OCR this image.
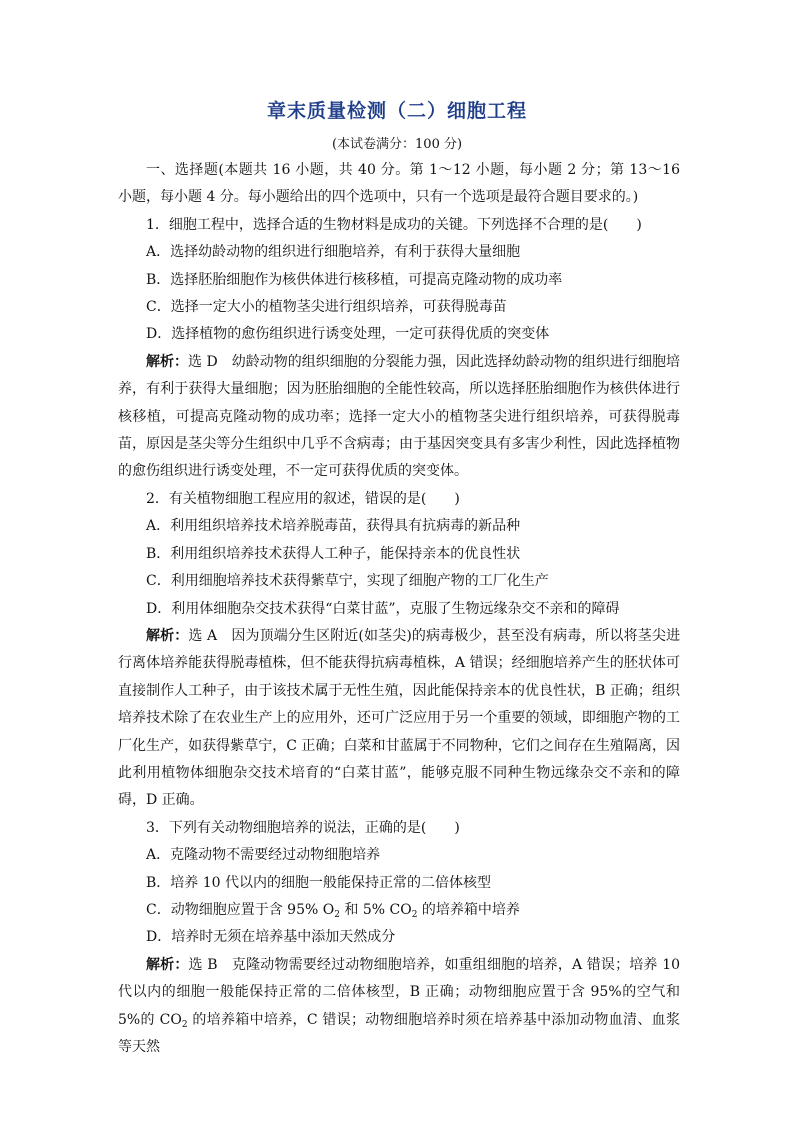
章末质量检测（二）细胞工程
(本试卷满分：100 分)

一、选择题(本题共 16 小题，共 40 分。第 1～12 小题，每小题 2 分；第 13～16 小题，每小题 4 分。每小题给出的四个选项中，只有一个选项是最符合题目要求的。)

1．细胞工程中，选择合适的生物材料是成功的关键。下列选择不合理的是(　　)

A．选择幼龄动物的组织进行细胞培养，有利于获得大量细胞

B．选择胚胎细胞作为核供体进行核移植，可提高克隆动物的成功率

C．选择一定大小的植物茎尖进行组织培养，可获得脱毒苗

D．选择植物的愈伤组织进行诱变处理，一定可获得优质的突变体

解析：选 D　幼龄动物的组织细胞的分裂能力强，因此选择幼龄动物的组织进行细胞培养，有利于获得大量细胞；因为胚胎细胞的全能性较高，所以选择胚胎细胞作为核供体进行核移植，可提高克隆动物的成功率；选择一定大小的植物茎尖进行组织培养，可获得脱毒苗，原因是茎尖等分生组织中几乎不含病毒；由于基因突变具有多害少利性，因此选择植物的愈伤组织进行诱变处理，不一定可获得优质的突变体。

2．有关植物细胞工程应用的叙述，错误的是(　　)

A．利用组织培养技术培养脱毒苗，获得具有抗病毒的新品种

B．利用组织培养技术获得人工种子，能保持亲本的优良性状

C．利用细胞培养技术获得紫草宁，实现了细胞产物的工厂化生产

D．利用体细胞杂交技术获得“白菜甘蓝”，克服了生物远缘杂交不亲和的障碍

解析：选 A　因为顶端分生区附近(如茎尖)的病毒极少，甚至没有病毒，所以将茎尖进行离体培养能获得脱毒植株，但不能获得抗病毒植株，A 错误；经细胞培养产生的胚状体可直接制作人工种子，由于该技术属于无性生殖，因此能保持亲本的优良性状，B 正确；组织培养技术除了在农业生产上的应用外，还可广泛应用于另一个重要的领域，即细胞产物的工厂化生产，如获得紫草宁，C 正确；白菜和甘蓝属于不同物种，它们之间存在生殖隔离，因此利用植物体细胞杂交技术培育的“白菜甘蓝”，能够克服不同种生物远缘杂交不亲和的障碍，D 正确。

3．下列有关动物细胞培养的说法，正确的是(　　)

A．克隆动物不需要经过动物细胞培养

B．培养 10 代以内的细胞一般能保持正常的二倍体核型

C．动物细胞应置于含 95% $O_2$ 和 5% $CO_2$ 的培养箱中培养

D．培养时无须在培养基中添加天然成分

解析：选 B　克隆动物需要经过动物细胞培养，如重组细胞的培养，A 错误；培养 10 代以内的细胞一般能保持正常的二倍体核型，B 正确；动物细胞应置于含 95%的空气和 5%的 $CO_2$ 的培养箱中培养，C 错误；动物细胞培养时须在培养基中添加动物血清、血浆等天然
